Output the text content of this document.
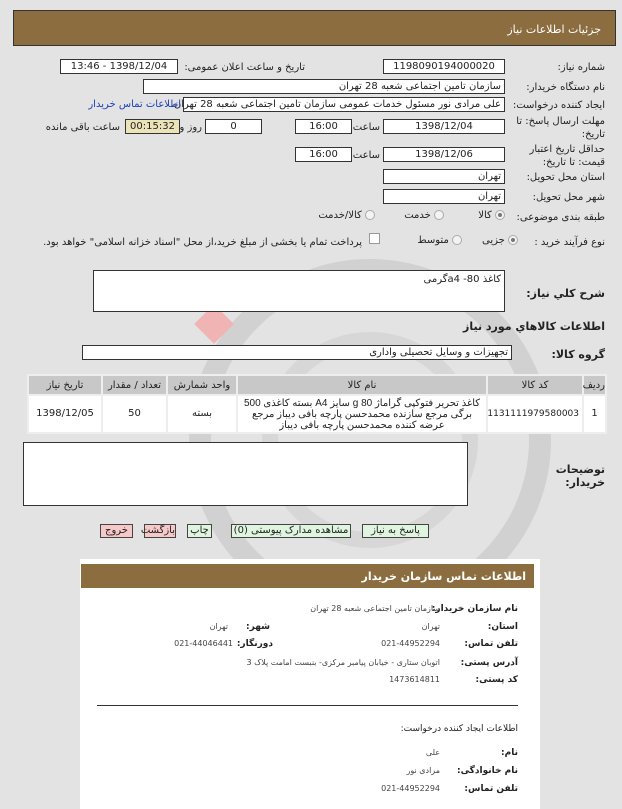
جزئیات اطلاعات نیاز
شماره نیاز:
1198090194000020
تاریخ و ساعت اعلان عمومی:
1398/12/04 - 13:46
نام دستگاه خریدار:
سازمان تامین اجتماعی شعبه 28 تهران
ایجاد کننده درخواست:
علی مرادی نور مسئول خدمات عمومی سازمان تامین اجتماعی شعبه 28 تهران
اطلاعات تماس خریدار
مهلت ارسال پاسخ: تا تاریخ:
1398/12/04
ساعت
16:00
0
روز و
00:15:32
ساعت باقی مانده
حداقل تاریخ اعتبار قیمت: تا تاریخ:
1398/12/06
ساعت
16:00
استان محل تحویل:
تهران
شهر محل تحویل:
تهران
طبقه بندی موضوعی:
کالا
خدمت
کالا/خدمت
نوع فرآیند خرید :
جزیی
متوسط
پرداخت تمام یا بخشی از مبلغ خرید،از محل "اسناد خزانه اسلامی" خواهد بود.
شرح كلي نياز:
کاغذ 80- a4گرمی
اطلاعات كالاهاي مورد نياز
گروه کالا:
تجهیزات و وسایل تحصیلی واداری
ردیف	کد کالا	نام کالا	واحد شمارش	تعداد / مقدار	تاریخ نیاز
1	1131111979580003	کاغذ تحریر فتوکپی گراماژ 80 g سایز A4 بسته کاغذی 500 برگی مرجع سازنده محمدحسن پارچه بافی دیباز مرجع عرضه کننده محمدحسن پارچه بافی دیباز	بسته	50	1398/12/05
توضیحات خریدار:
پاسخ به نیاز
مشاهده مدارک پیوستی (0)
چاپ
بازگشت
خروج
اطلاعات تماس سازمان خریدار
نام سازمان خریدار:
سازمان تامین اجتماعی شعبه 28 تهران
استان:
تهران
شهر:
تهران
تلفن تماس:
021-44952294
دورنگار:
021-44046441
آدرس پستی:
اتوبان ستاری - خیابان پیامبر مرکزی- بنبست امامت پلاک 3
کد پستی:
1473614811
اطلاعات ایجاد کننده درخواست:
نام:
علی
نام خانوادگی:
مرادی نور
تلفن تماس:
021-44952294
